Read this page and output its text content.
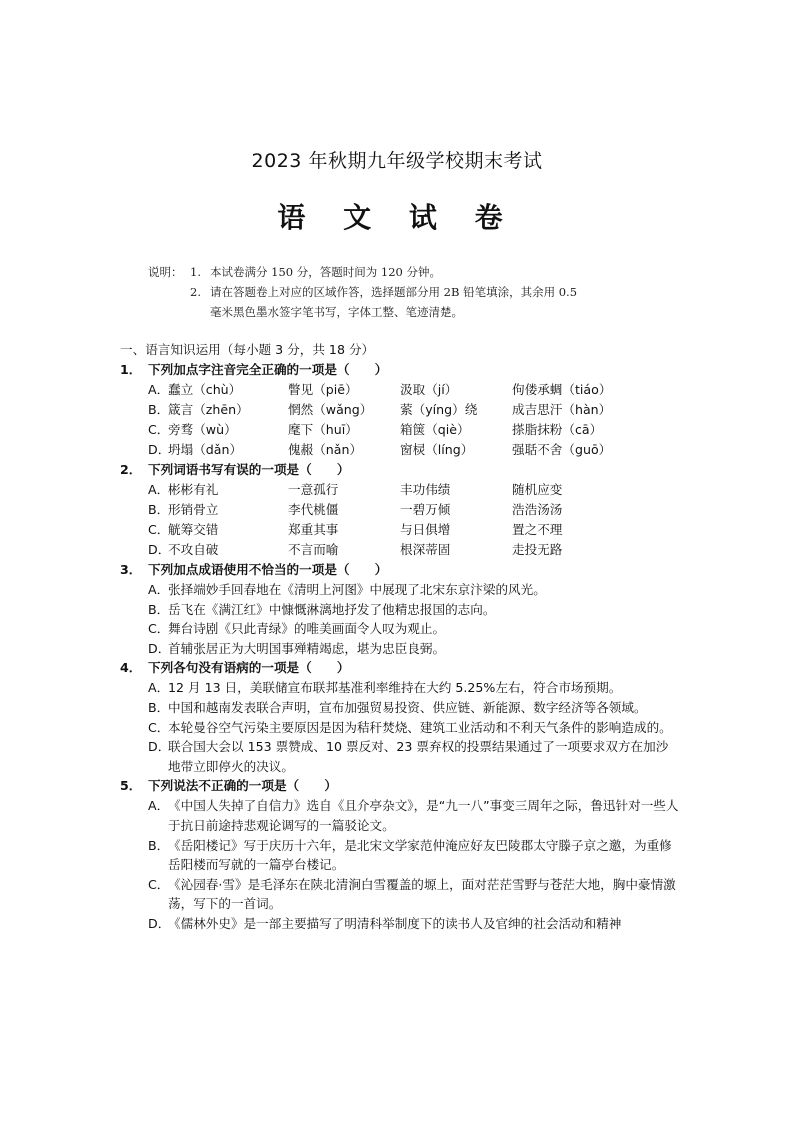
2023 年秋期九年级学校期末考试
语 文 试 卷
说明： 1. 本试卷满分 150 分，答题时间为 120 分钟。
2. 请在答题卷上对应的区域作答，选择题部分用 2B 铅笔填涂，其余用 0.5
毫米黑色墨水签字笔书写，字体工整、笔迹清楚。
一、语言知识运用（每小题 3 分，共 18 分）
1． 下列加点字注音完全正确的一项是（　　）
A．
蠢立（chù）	瞥见（piē）	汲取（jí）	佝偻承蜩（tiáo）
B．
箴言（zhēn）	惘然（wǎng）	萦（yíng）绕	成吉思汗（hàn）
C．
旁骛（wù）	麾下（huī）	箱箧（qiè）	搽脂抹粉（cā）
D．
坍塌（dǎn）	傀赧（nǎn）	窗棂（líng）	强聒不舍（guō）
2． 下列词语书写有误的一项是（　　）
A．
彬彬有礼	一意孤行	丰功伟绩	随机应变
B．
形销骨立	李代桃僵	一碧万倾	浩浩汤汤
C．
觥筹交错	郑重其事	与日俱增	置之不理
D．
不攻自破	不言而喻	根深蒂固	走投无路
3． 下列加点成语使用不恰当的一项是（　　）
A．
张择端妙手回春地在《清明上河图》中展现了北宋东京汴梁的风光。
B．
岳飞在《满江红》中慷慨淋漓地抒发了他精忠报国的志向。
C．
舞台诗剧《只此青绿》的唯美画面令人叹为观止。
D．
首辅张居正为大明国事殚精竭虑，堪为忠臣良弼。
4． 下列各句没有语病的一项是（　　）
A．
12 月 13 日，美联储宣布联邦基准利率维持在大约 5.25%左右，符合市场预期。
B．
中国和越南发表联合声明，宣布加强贸易投资、供应链、新能源、数字经济等各领域。
C．
本轮曼谷空气污染主要原因是因为秸秆焚烧、建筑工业活动和不利天气条件的影响造成的。
D．
联合国大会以 153 票赞成、10 票反对、23 票弃权的投票结果通过了一项要求双方在加沙地带立即停火的决议。
5． 下列说法不正确的一项是（　　）
A．
《中国人失掉了自信力》选自《且介亭杂文》，是“九一八”事变三周年之际，鲁迅针对一些人于抗日前途持悲观论调写的一篇驳论文。
B．
《岳阳楼记》写于庆历十六年，是北宋文学家范仲淹应好友巴陵郡太守滕子京之邀，为重修岳阳楼而写就的一篇亭台楼记。
C．
《沁园春·雪》是毛泽东在陕北清涧白雪覆盖的塬上，面对茫茫雪野与苍茫大地，胸中豪情激荡，写下的一首词。
D．
《儒林外史》是一部主要描写了明清科举制度下的读书人及官绅的社会活动和精神
